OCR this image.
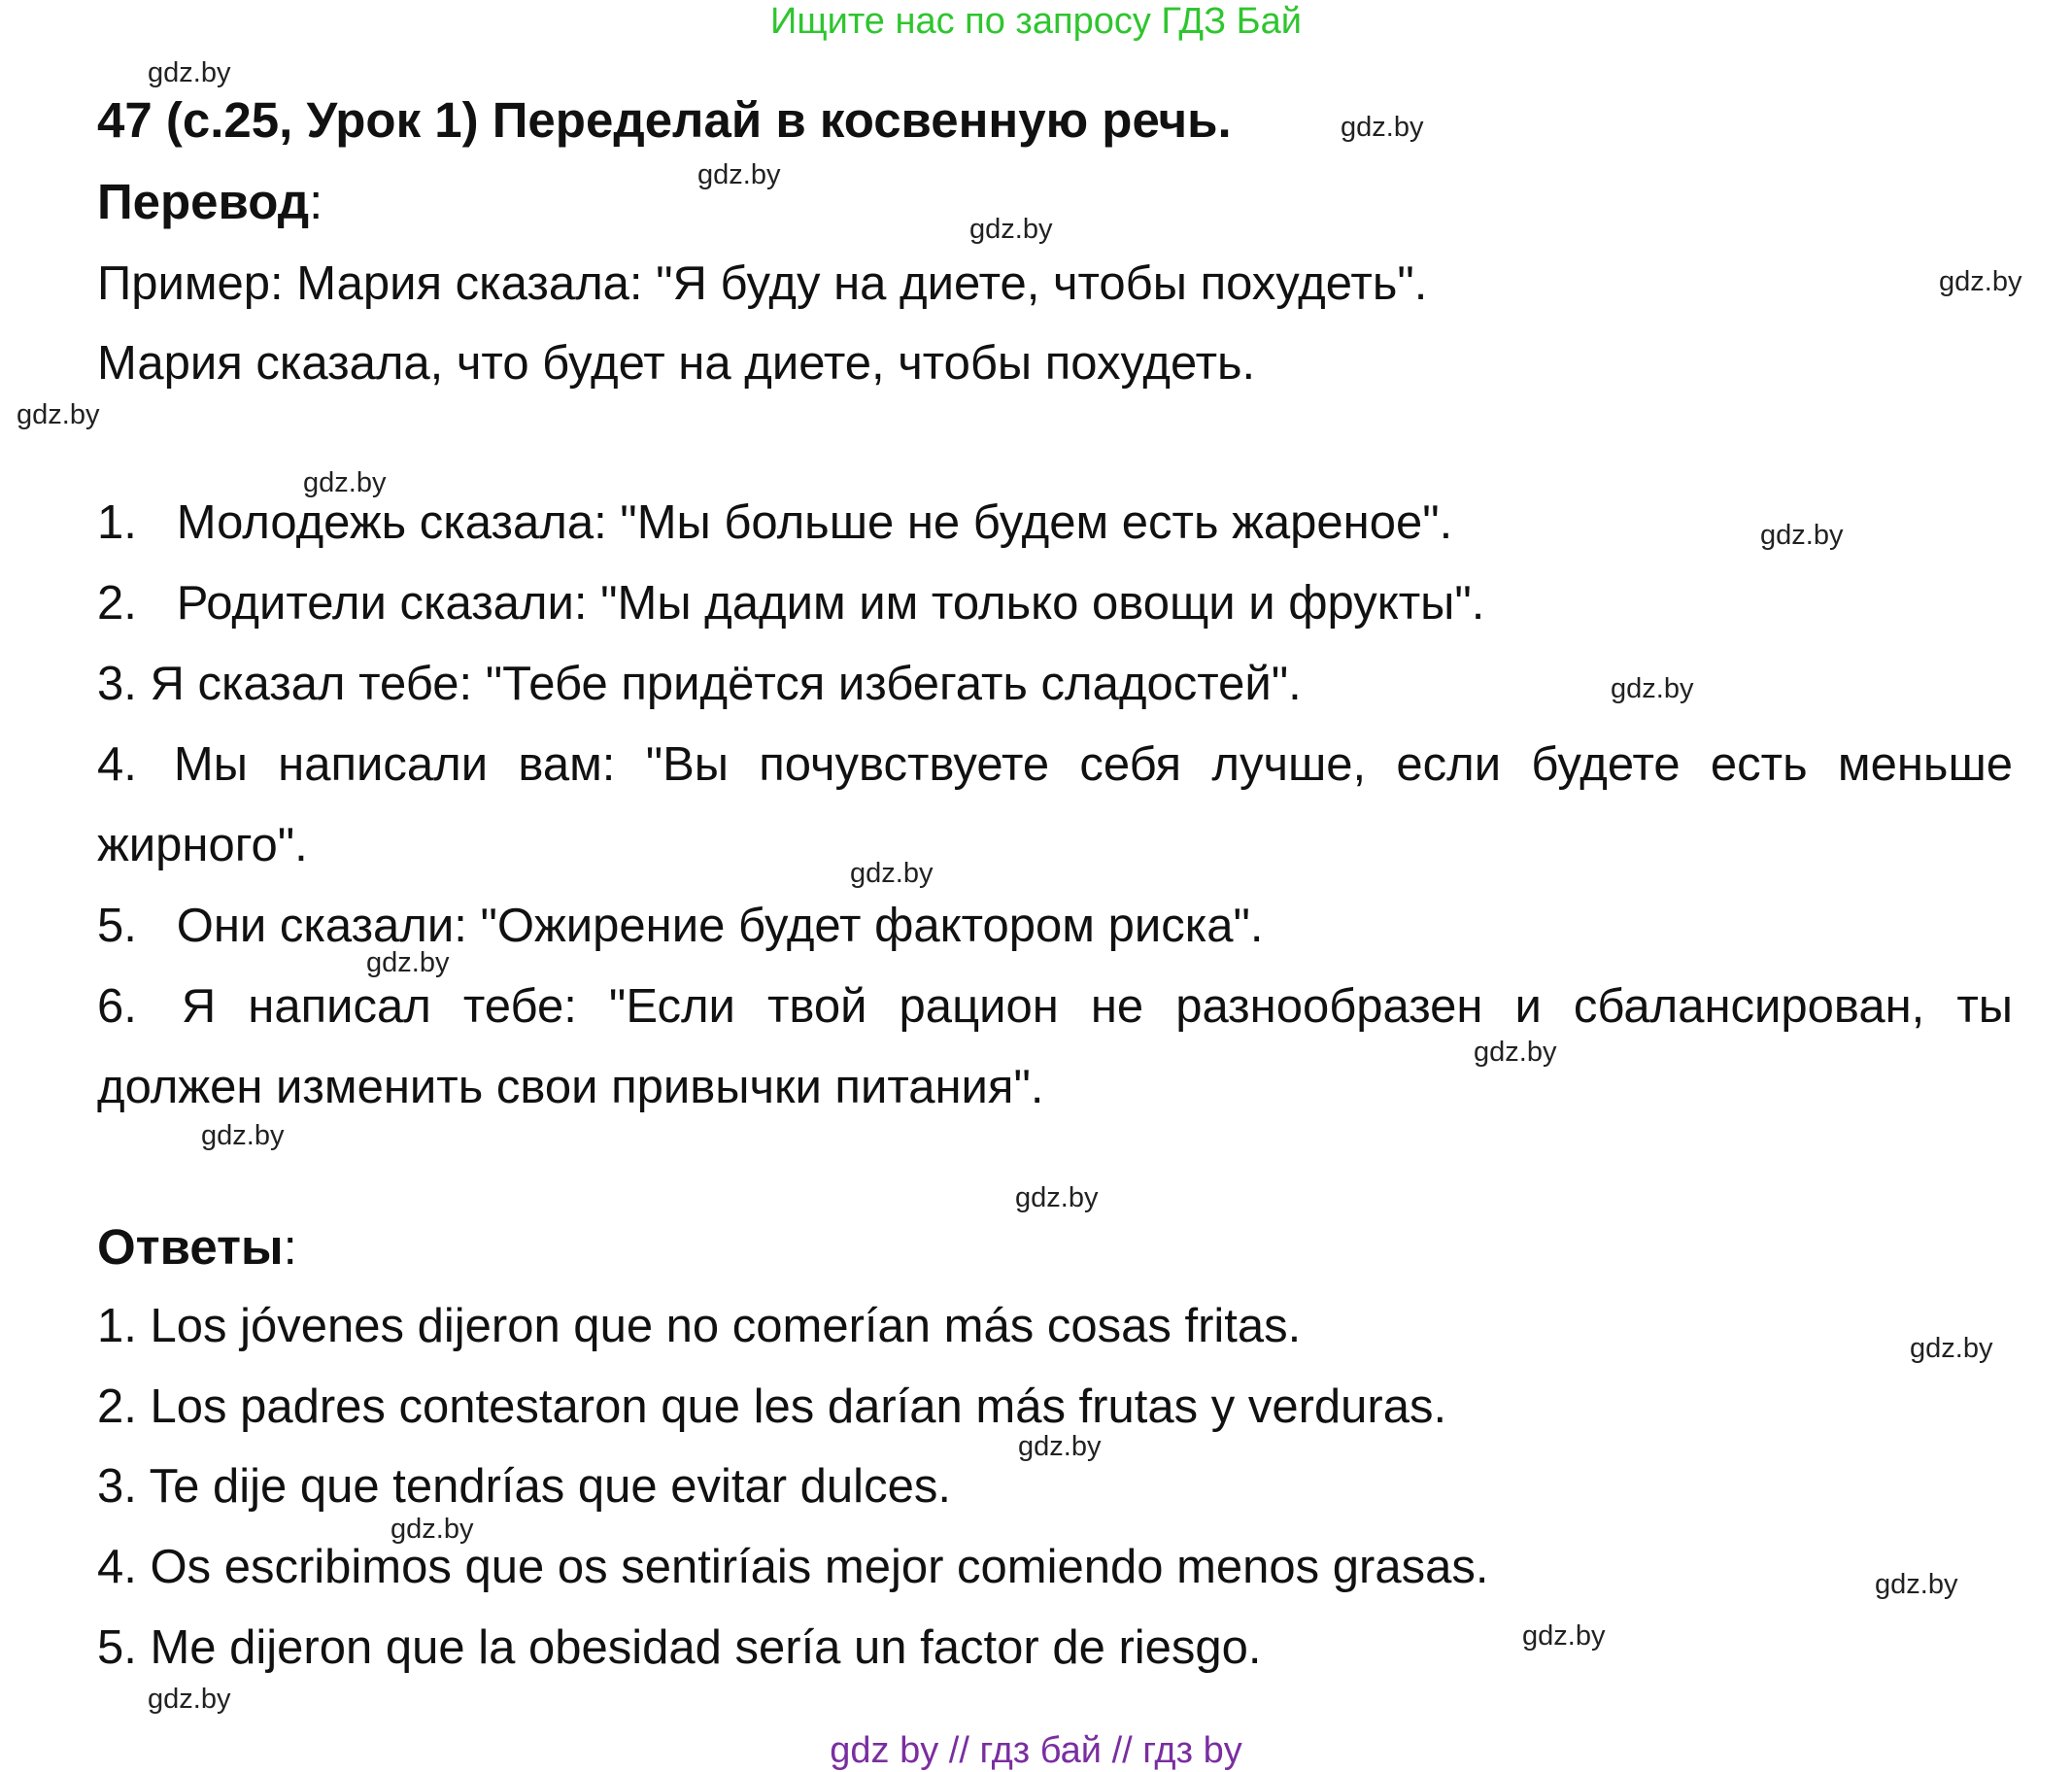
Ищите нас по запросу ГДЗ Бай
gdz.by
47 (с.25, Урок 1) Переделай в косвенную речь.	gdz.by
gdz.by
Перевод:	gdz.by
gdz.by
Пример: Мария сказала: "Я буду на диете, чтобы похудеть".
Мария сказала, что будет на диете, чтобы похудеть.
gdz.by
gdz.by
1. Молодежь сказала: "Мы больше не будем есть жареное".	gdz.by
2. Родители сказали: "Мы дадим им только овощи и фрукты".
3. Я сказал тебе: "Тебе придётся избегать сладостей".	gdz.by
4. Мы написали вам: "Вы почувствуете себя лучше, если будете есть меньше
жирного".
gdz.by
5. Они сказали: "Ожирение будет фактором риска".
gdz.by
6. Я написал тебе: "Если твой рацион не разнообразен и сбалансирован, ты
gdz.by
должен изменить свои привычки питания".
gdz.by
gdz.by
Ответы:
1. Los jóvenes dijeron que no comerían más cosas fritas.	gdz.by
2. Los padres contestaron que les darían más frutas y verduras.
gdz.by
3. Te dije que tendrías que evitar dulces.
gdz.by
4. Os escribimos que os sentiríais mejor comiendo menos grasas.	gdz.by
gdz.by
5. Me dijeron que la obesidad sería un factor de riesgo.
gdz.by
gdz by // гдз бай // гдз by
